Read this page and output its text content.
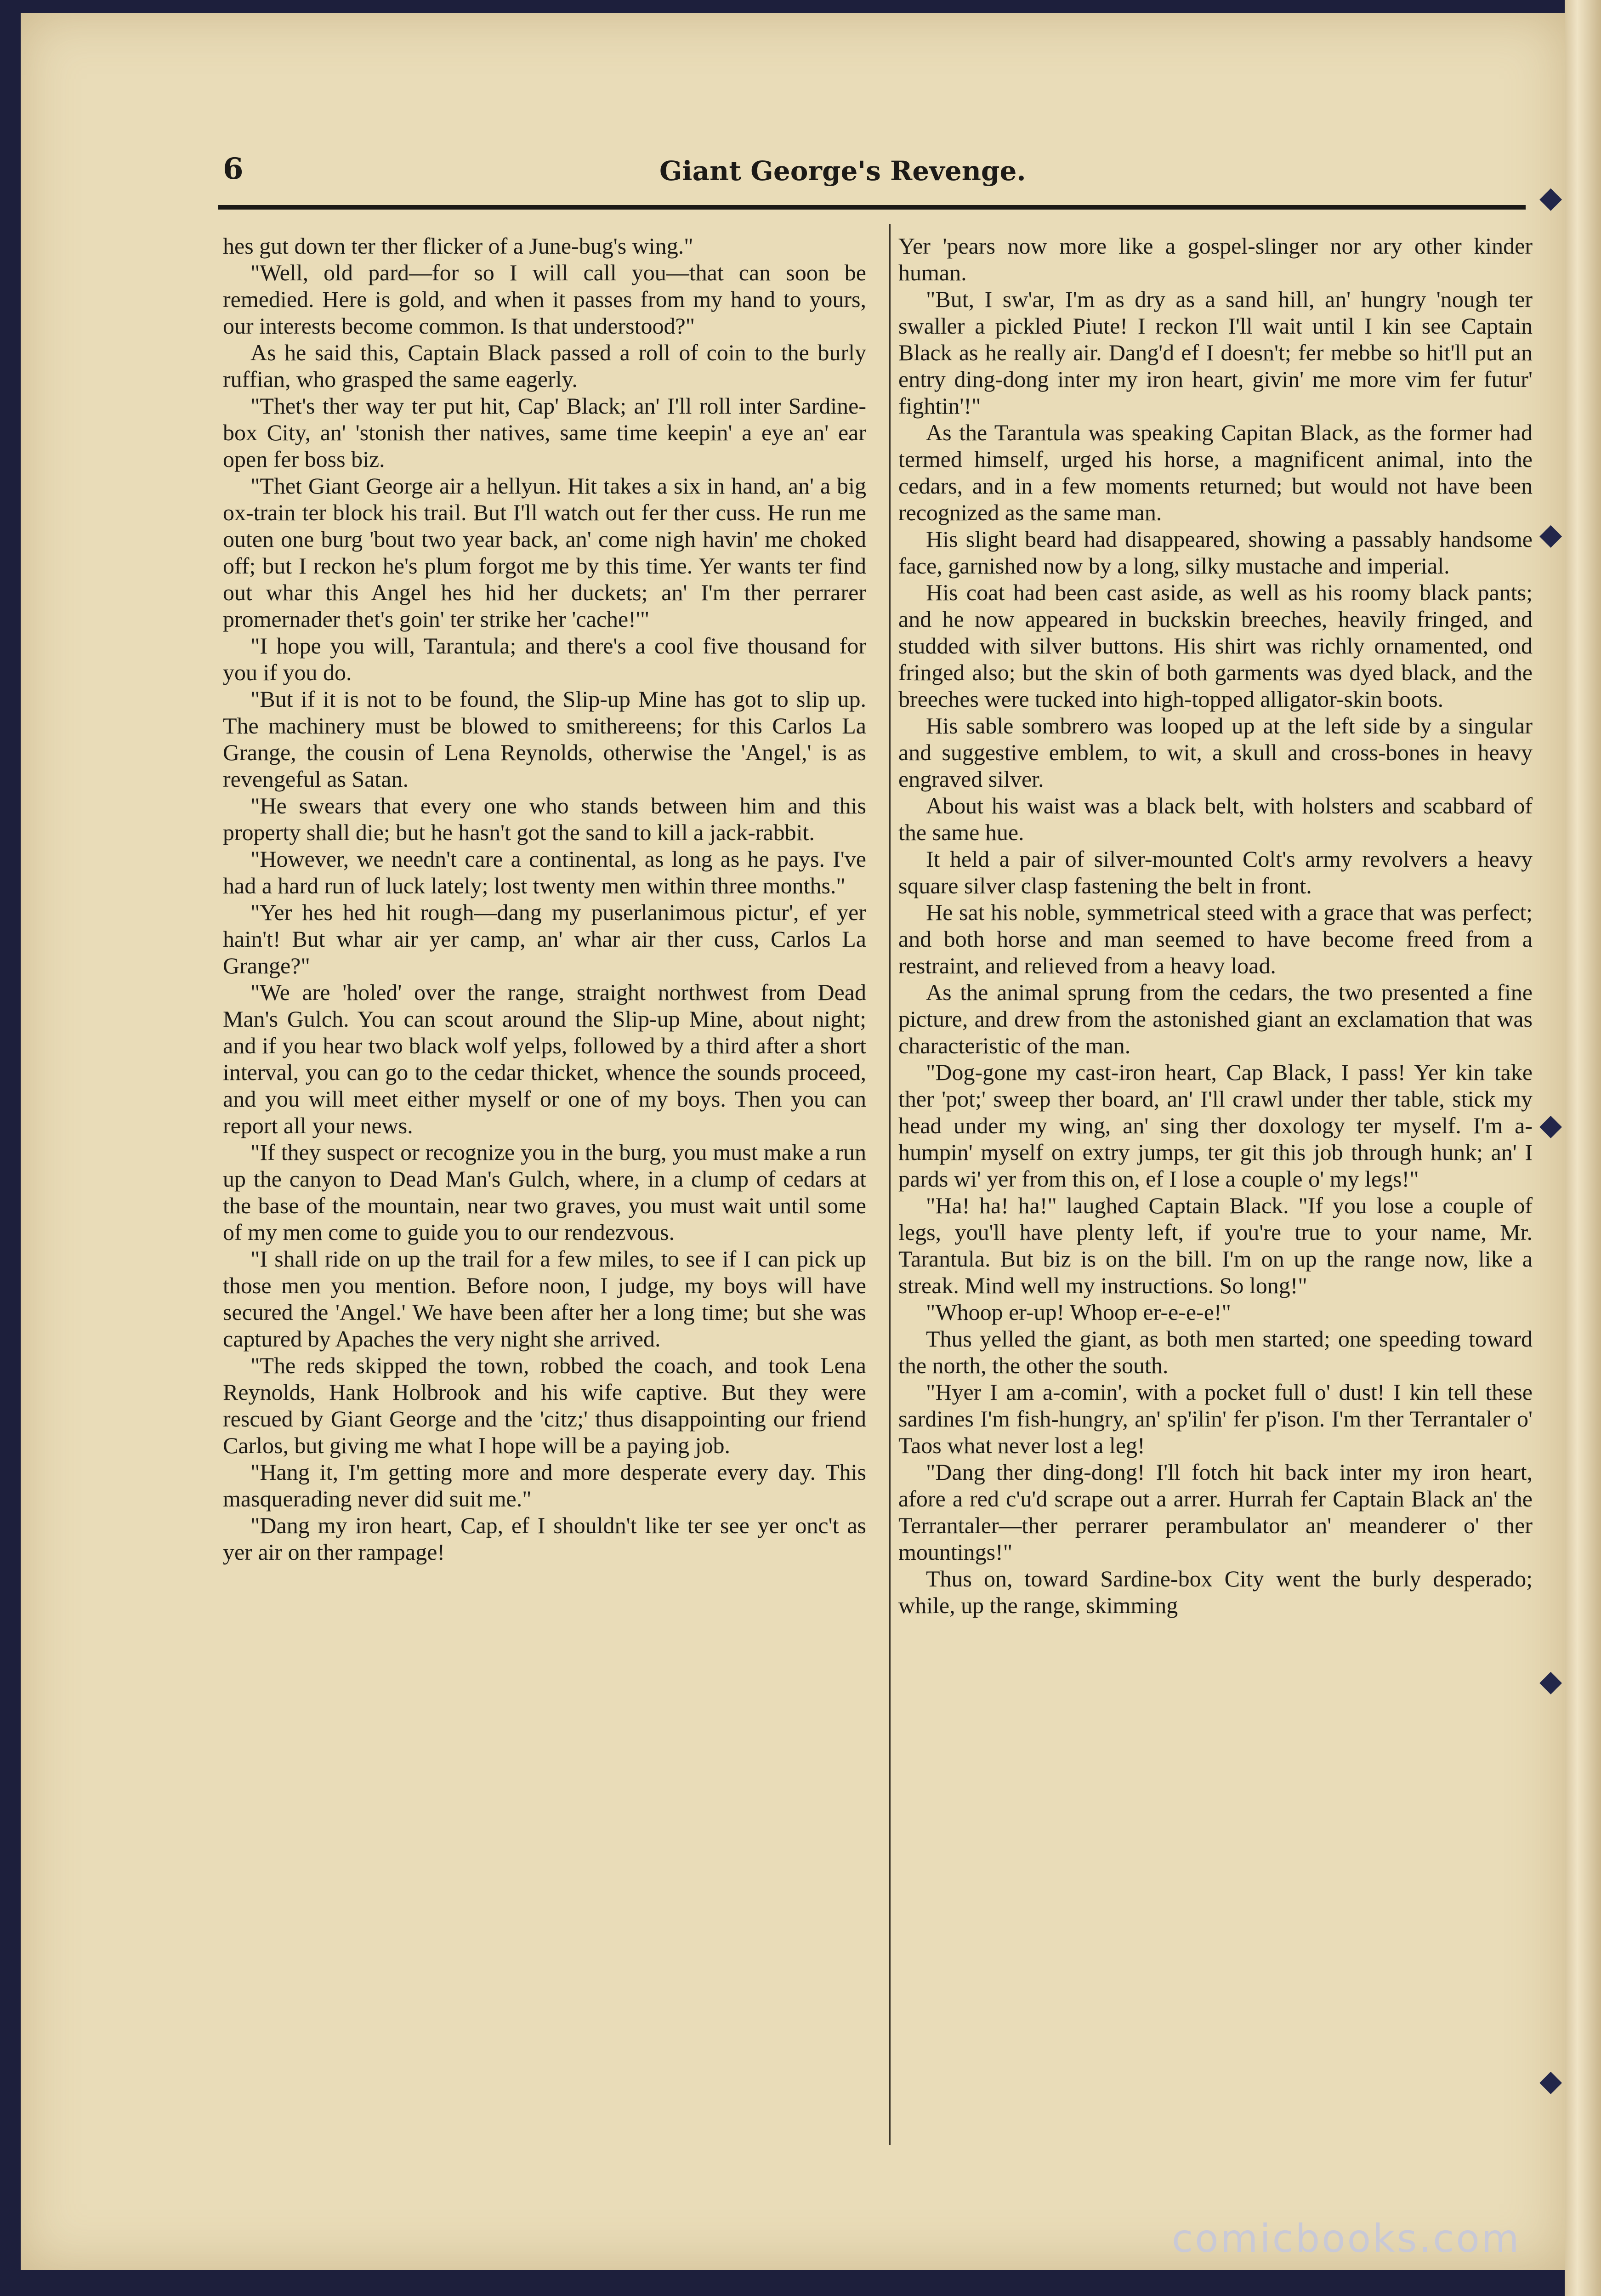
6	Giant George's Revenge.

hes gut down ter ther flicker of a June-bug's wing."

"Well, old pard—for so I will call you—that can soon be remedied. Here is gold, and when it passes from my hand to yours, our interests become common. Is that understood?"

As he said this, Captain Black passed a roll of coin to the burly ruffian, who grasped the same eagerly.

"Thet's ther way ter put hit, Cap' Black; an' I'll roll inter Sardine-box City, an' 'stonish ther natives, same time keepin' a eye an' ear open fer boss biz.

"Thet Giant George air a hellyun. Hit takes a six in hand, an' a big ox-train ter block his trail. But I'll watch out fer ther cuss. He run me outen one burg 'bout two year back, an' come nigh havin' me choked off; but I reckon he's plum forgot me by this time. Yer wants ter find out whar this Angel hes hid her duckets; an' I'm ther perrarer promernader thet's goin' ter strike her 'cache!'"

"I hope you will, Tarantula; and there's a cool five thousand for you if you do.

"But if it is not to be found, the Slip-up Mine has got to slip up. The machinery must be blowed to smithereens; for this Carlos La Grange, the cousin of Lena Reynolds, otherwise the 'Angel,' is as revengeful as Satan.

"He swears that every one who stands between him and this property shall die; but he hasn't got the sand to kill a jack-rabbit.

"However, we needn't care a continental, as long as he pays. I've had a hard run of luck lately; lost twenty men within three months."

"Yer hes hed hit rough—dang my puserlanimous pictur', ef yer hain't! But whar air yer camp, an' whar air ther cuss, Carlos La Grange?"

"We are 'holed' over the range, straight northwest from Dead Man's Gulch. You can scout around the Slip-up Mine, about night; and if you hear two black wolf yelps, followed by a third after a short interval, you can go to the cedar thicket, whence the sounds proceed, and you will meet either myself or one of my boys. Then you can report all your news.

"If they suspect or recognize you in the burg, you must make a run up the canyon to Dead Man's Gulch, where, in a clump of cedars at the base of the mountain, near two graves, you must wait until some of my men come to guide you to our rendezvous.

"I shall ride on up the trail for a few miles, to see if I can pick up those men you mention. Before noon, I judge, my boys will have secured the 'Angel.' We have been after her a long time; but she was captured by Apaches the very night she arrived.

"The reds skipped the town, robbed the coach, and took Lena Reynolds, Hank Holbrook and his wife captive. But they were rescued by Giant George and the 'citz;' thus disappointing our friend Carlos, but giving me what I hope will be a paying job.

"Hang it, I'm getting more and more desperate every day. This masquerading never did suit me."

"Dang my iron heart, Cap, ef I shouldn't like ter see yer onc't as yer air on ther rampage!

Yer 'pears now more like a gospel-slinger nor ary other kinder human.

"But, I sw'ar, I'm as dry as a sand hill, an' hungry 'nough ter swaller a pickled Piute! I reckon I'll wait until I kin see Captain Black as he really air. Dang'd ef I doesn't; fer mebbe so hit'll put an entry ding-dong inter my iron heart, givin' me more vim fer futur' fightin'!"

As the Tarantula was speaking Capitan Black, as the former had termed himself, urged his horse, a magnificent animal, into the cedars, and in a few moments returned; but would not have been recognized as the same man.

His slight beard had disappeared, showing a passably handsome face, garnished now by a long, silky mustache and imperial.

His coat had been cast aside, as well as his roomy black pants; and he now appeared in buckskin breeches, heavily fringed, and studded with silver buttons. His shirt was richly ornamented, ond fringed also; but the skin of both garments was dyed black, and the breeches were tucked into high-topped alligator-skin boots.

His sable sombrero was looped up at the left side by a singular and suggestive emblem, to wit, a skull and cross-bones in heavy engraved silver.

About his waist was a black belt, with holsters and scabbard of the same hue.

It held a pair of silver-mounted Colt's army revolvers a heavy square silver clasp fastening the belt in front.

He sat his noble, symmetrical steed with a grace that was perfect; and both horse and man seemed to have become freed from a restraint, and relieved from a heavy load.

As the animal sprung from the cedars, the two presented a fine picture, and drew from the astonished giant an exclamation that was characteristic of the man.

"Dog-gone my cast-iron heart, Cap Black, I pass! Yer kin take ther 'pot;' sweep ther board, an' I'll crawl under ther table, stick my head under my wing, an' sing ther doxology ter myself. I'm a-humpin' myself on extry jumps, ter git this job through hunk; an' I pards wi' yer from this on, ef I lose a couple o' my legs!"

"Ha! ha! ha!" laughed Captain Black. "If you lose a couple of legs, you'll have plenty left, if you're true to your name, Mr. Tarantula. But biz is on the bill. I'm on up the range now, like a streak. Mind well my instructions. So long!"

"Whoop er-up! Whoop er-e-e-e!"

Thus yelled the giant, as both men started; one speeding toward the north, the other the south.

"Hyer I am a-comin', with a pocket full o' dust! I kin tell these sardines I'm fish-hungry, an' sp'ilin' fer p'ison. I'm ther Terrantaler o' Taos what never lost a leg!

"Dang ther ding-dong! I'll fotch hit back inter my iron heart, afore a red c'u'd scrape out a arrer. Hurrah fer Captain Black an' the Terrantaler—ther perrarer perambulator an' meanderer o' ther mountings!"

Thus on, toward Sardine-box City went the burly desperado; while, up the range, skimming

◆
◆
◆
◆
◆
comicbooks.com
